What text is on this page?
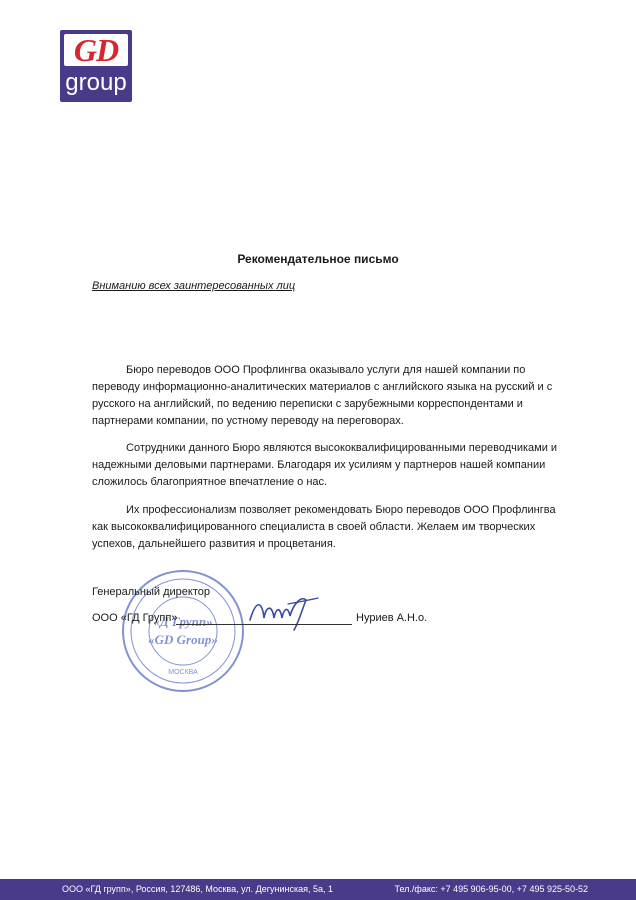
GD
group
Рекомендательное письмо
Вниманию всех заинтересованных лиц

Бюро переводов ООО Профлингва оказывало услуги для нашей компании по переводу информационно-аналитических материалов с английского языка на русский и с русского на английский, по ведению переписки с зарубежными корреспондентами и партнерами компании, по устному переводу на переговорах.

Сотрудники данного Бюро являются высококвалифицированными переводчиками и надежными деловыми партнерами. Благодаря их усилиям у партнеров нашей компании сложилось благоприятное впечатление о нас.

Их профессионализм позволяет рекомендовать Бюро переводов ООО Профлингва как высококвалифицированного специалиста в своей области. Желаем им творческих успехов, дальнейшего развития и процветания.

«Д Групп»
«GD Group»
МОСКВА
Генеральный директор
ООО «ГД Групп»	Нуриев А.Н.о.
ООО «ГД групп», Россия, 127486, Москва, ул. Дегунинская, 5а, 1	Тел./факс: +7 495 906-95-00, +7 495 925-50-52
